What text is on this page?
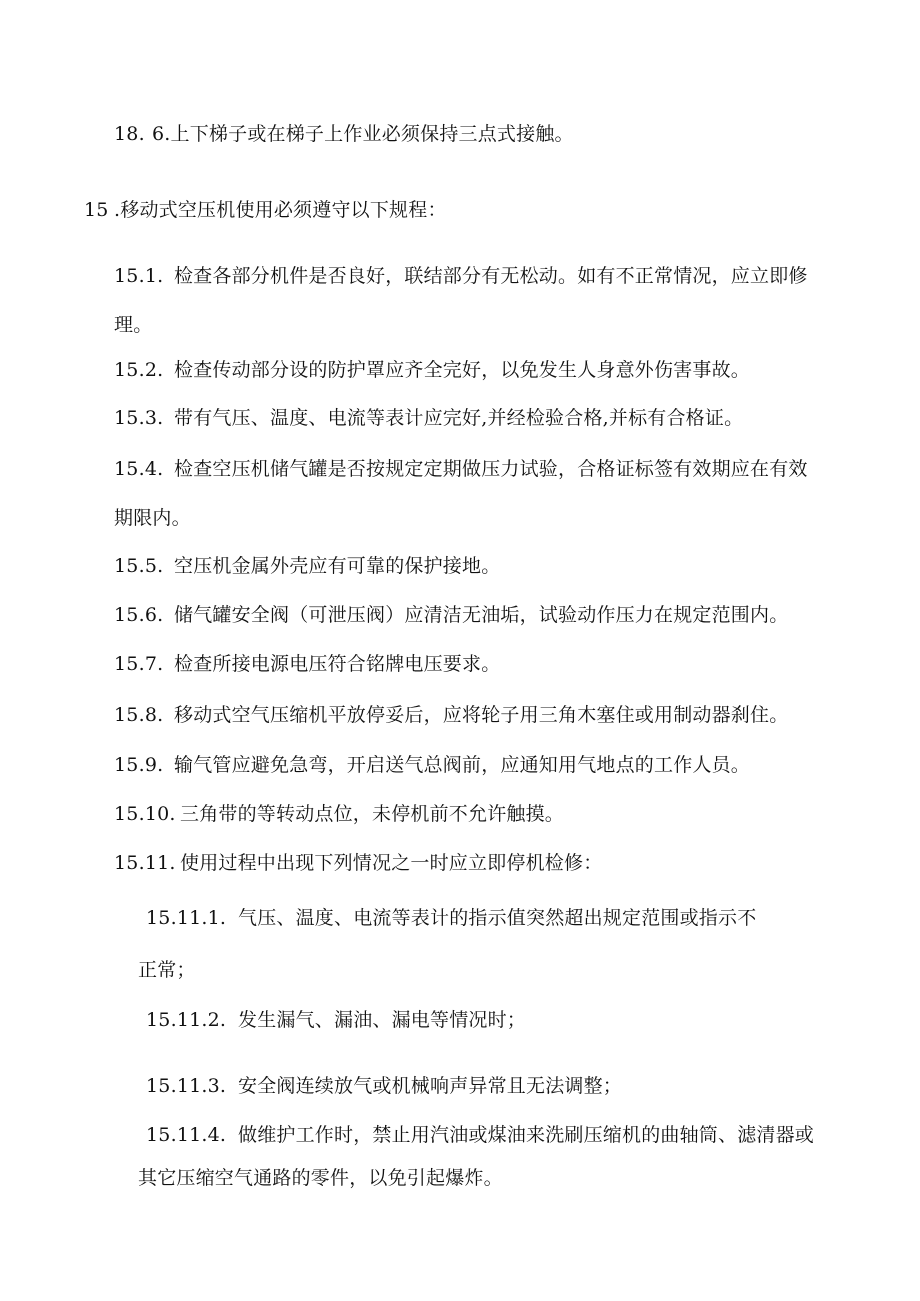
18. 6.上下梯子或在梯子上作业必须保持三点式接触。
15 .移动式空压机使用必须遵守以下规程：
15.1. 检查各部分机件是否良好，联结部分有无松动。如有不正常情况，应立即修
理。
15.2. 检查传动部分设的防护罩应齐全完好，以免发生人身意外伤害事故。
15.3. 带有气压、温度、电流等表计应完好,并经检验合格,并标有合格证。
15.4. 检查空压机储气罐是否按规定定期做压力试验，合格证标签有效期应在有效
期限内。
15.5. 空压机金属外壳应有可靠的保护接地。
15.6. 储气罐安全阀（可泄压阀）应清洁无油垢，试验动作压力在规定范围内。
15.7. 检查所接电源电压符合铭牌电压要求。
15.8. 移动式空气压缩机平放停妥后，应将轮子用三角木塞住或用制动器刹住。
15.9. 输气管应避免急弯，开启送气总阀前，应通知用气地点的工作人员。
15.10. 三角带的等转动点位，未停机前不允许触摸。
15.11. 使用过程中出现下列情况之一时应立即停机检修：
15.11.1. 气压、温度、电流等表计的指示值突然超出规定范围或指示不
正常；
15.11.2. 发生漏气、漏油、漏电等情况时；
15.11.3. 安全阀连续放气或机械响声异常且无法调整；
15.11.4. 做维护工作时，禁止用汽油或煤油来洗刷压缩机的曲轴筒、滤清器或
其它压缩空气通路的零件，以免引起爆炸。
